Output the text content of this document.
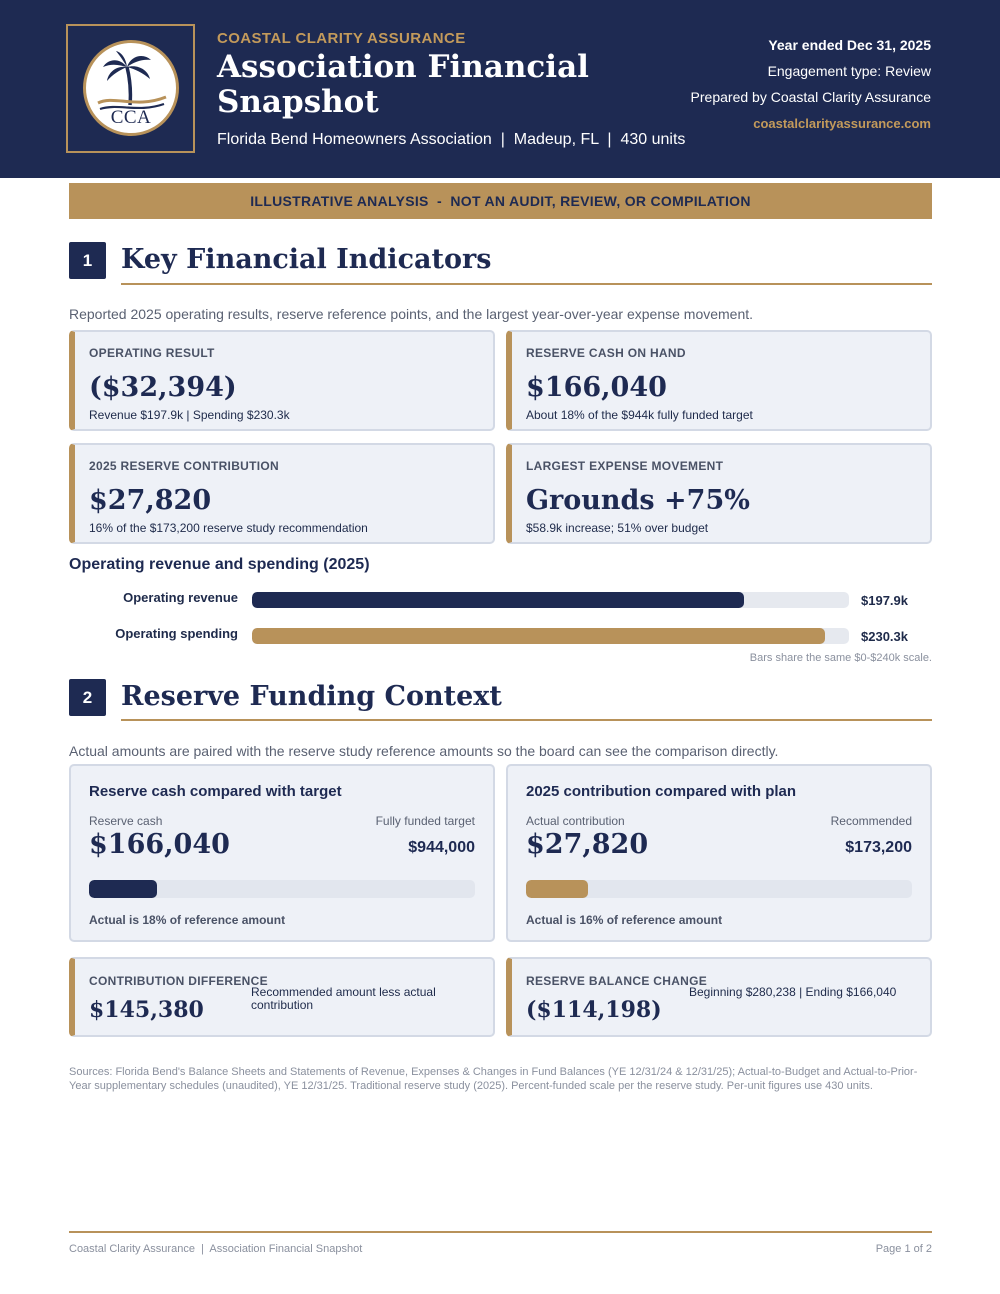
CCA
COASTAL CLARITY ASSURANCE
Association Financial Snapshot
Florida Bend Homeowners Association  |  Madeup, FL  |  430 units
Year ended Dec 31, 2025
Engagement type: Review
Prepared by Coastal Clarity Assurance
coastalclarityassurance.com
ILLUSTRATIVE ANALYSIS  -  NOT AN AUDIT, REVIEW, OR COMPILATION
1	Key Financial Indicators
Reported 2025 operating results, reserve reference points, and the largest year-over-year expense movement.
OPERATING RESULT
($32,394)
Revenue $197.9k | Spending $230.3k
RESERVE CASH ON HAND
$166,040
About 18% of the $944k fully funded target
2025 RESERVE CONTRIBUTION
$27,820
16% of the $173,200 reserve study recommendation
LARGEST EXPENSE MOVEMENT
Grounds +75%
$58.9k increase; 51% over budget
Operating revenue and spending (2025)
Operating revenue	$197.9k
Operating spending	$230.3k
Bars share the same $0-$240k scale.
2	Reserve Funding Context
Actual amounts are paired with the reserve study reference amounts so the board can see the comparison directly.
Reserve cash compared with target
Reserve cash	Fully funded target
$166,040	$944,000
Actual is 18% of reference amount
2025 contribution compared with plan
Actual contribution	Recommended
$27,820	$173,200
Actual is 16% of reference amount
CONTRIBUTION DIFFERENCE
$145,380
Recommended amount less actual contribution
RESERVE BALANCE CHANGE
($114,198)
Beginning $280,238 | Ending $166,040
Sources: Florida Bend's Balance Sheets and Statements of Revenue, Expenses & Changes in Fund Balances (YE 12/31/24 & 12/31/25); Actual-to-Budget and Actual-to-Prior-Year supplementary schedules (unaudited), YE 12/31/25. Traditional reserve study (2025). Percent-funded scale per the reserve study. Per-unit figures use 430 units.
Coastal Clarity Assurance  |  Association Financial Snapshot	Page 1 of 2
